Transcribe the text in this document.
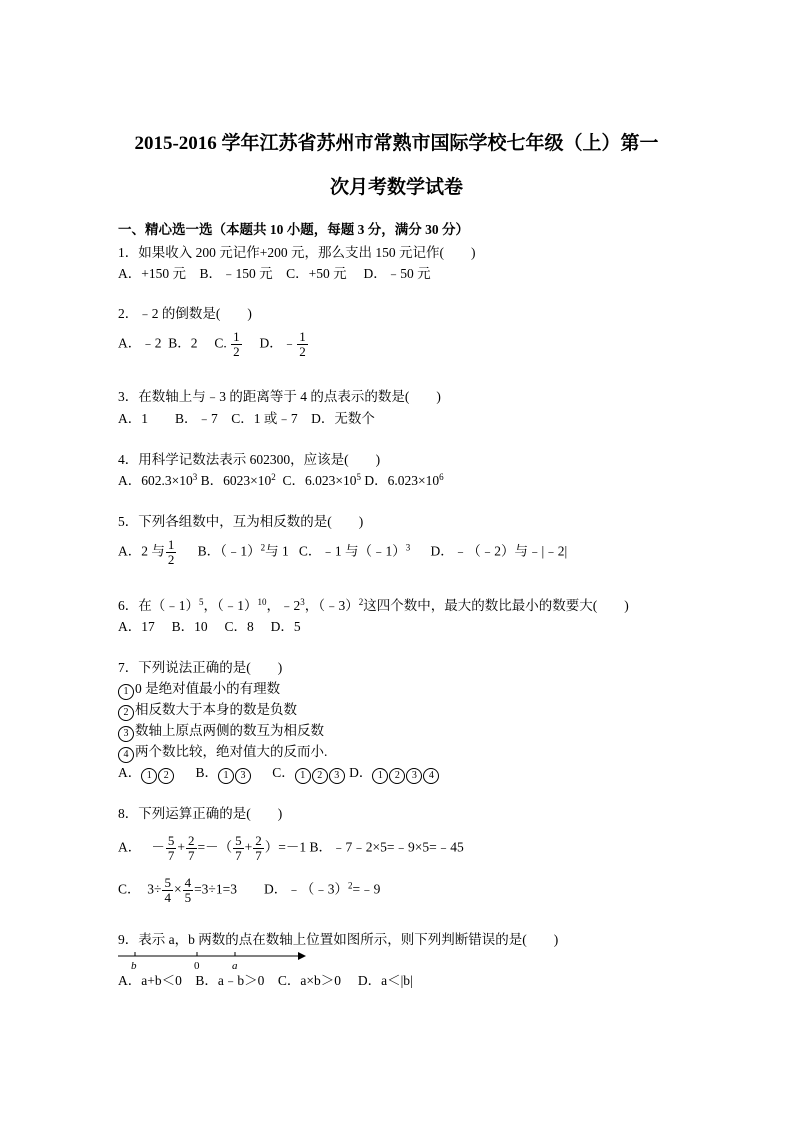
2015-2016 学年江苏省苏州市常熟市国际学校七年级（上）第一
次月考数学试卷
一、精心选一选（本题共 10 小题，每题 3 分，满分 30 分）
1．如果收入 200 元记作+200 元，那么支出 150 元记作(　　)
A．+150 元　B．﹣150 元　C．+50 元　 D．﹣50 元
2．﹣2 的倒数是(　　)
A．﹣2 B．2 C. $\frac{1}{2}$ D．﹣ $\frac{1}{2}$
3．在数轴上与﹣3 的距离等于 4 的点表示的数是(　　)
A．1　　B．﹣7　C．1 或﹣7　D．无数个
4．用科学记数法表示 602300，应该是(　　)
A．$602.3\times 10^3$ B．$6023\times 10^2$ C．$6.023\times 10^5$ D．$6.023\times 10^6$
5．下列各组数中，互为相反数的是(　　)
A．2 与 $\frac{1}{2}$ B．（﹣1）$^2$与 1 C．﹣1 与（﹣1）$^3$ D．﹣（﹣2）与﹣|﹣2|
6．在（﹣1）$^5$，（﹣1）$^{10}$，$﹣2^3$，（﹣3）$^2$这四个数中，最大的数比最小的数要大(　　)
A．17　 B．10　 C．8　 D．5
7．下列说法正确的是(　　)
1 0 是绝对值最小的有理数
2 相反数大于本身的数是负数
3 数轴上原点两侧的数互为相反数
4 两个数比较，绝对值大的反而小.
A． 1 2 B． 1 3 C． 1 2 3 D． 1 2 3 4
8．下列运算正确的是(　　)
A． － $\frac{5}{7} + \frac{2}{7}$ =－（ $\frac{5}{7} + \frac{2}{7} )=-1$ B．﹣7﹣2×5=﹣9×5=﹣45
C． $3\div \frac{5}{4} \times \frac{4}{5} =3\div 1=3$ D．﹣（﹣3）$^2$=﹣9
9．表示 a，b 两数的点在数轴上位置如图所示，则下列判断错误的是(　　)
b	0	a
A．a+b＜0　B．a﹣b＞0　C．a×b＞0　 D．a＜|b|
